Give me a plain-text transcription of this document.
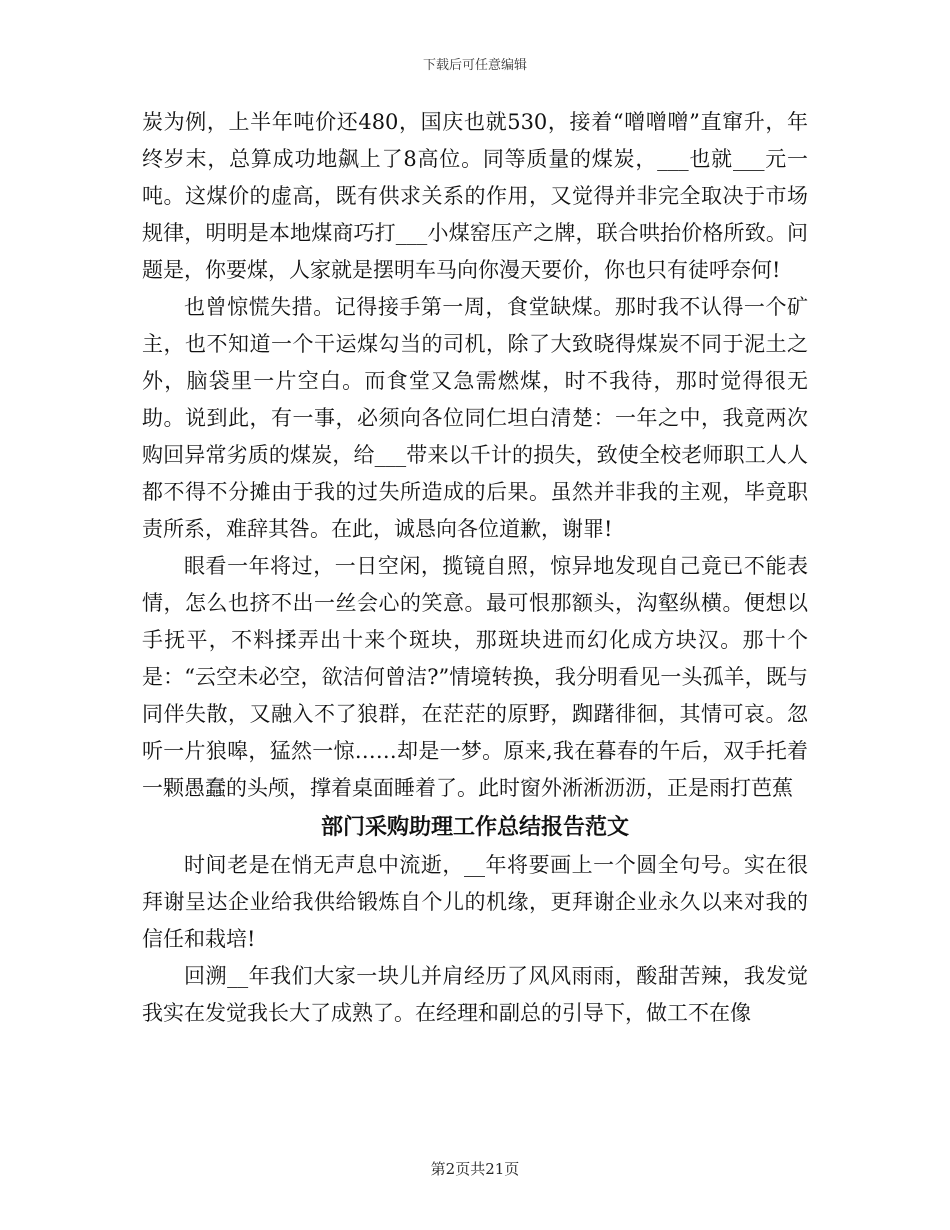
下载后可任意编辑

炭为例，上半年吨价还480，国庆也就530，接着“噌噌噌”直窜升，年终岁末，总算成功地飙上了8高位。同等质量的煤炭，___也就___元一吨。这煤价的虚高，既有供求关系的作用，又觉得并非完全取决于市场规律，明明是本地煤商巧打___小煤窑压产之牌，联合哄抬价格所致。问题是，你要煤，人家就是摆明车马向你漫天要价，你也只有徒呼奈何!

也曾惊慌失措。记得接手第一周，食堂缺煤。那时我不认得一个矿主，也不知道一个干运煤勾当的司机，除了大致晓得煤炭不同于泥土之外，脑袋里一片空白。而食堂又急需燃煤，时不我待，那时觉得很无助。说到此，有一事，必须向各位同仁坦白清楚：一年之中，我竟两次购回异常劣质的煤炭，给___带来以千计的损失，致使全校老师职工人人都不得不分摊由于我的过失所造成的后果。虽然并非我的主观，毕竟职责所系，难辞其咎。在此，诚恳向各位道歉，谢罪!

眼看一年将过，一日空闲，揽镜自照，惊异地发现自己竟已不能表情，怎么也挤不出一丝会心的笑意。最可恨那额头，沟壑纵横。便想以手抚平，不料揉弄出十来个斑块，那斑块进而幻化成方块汉。那十个是：“云空未必空，欲洁何曾洁?”情境转换，我分明看见一头孤羊，既与同伴失散，又融入不了狼群，在茫茫的原野，踟躇徘徊，其情可哀。忽听一片狼嗥，猛然一惊……却是一梦。原来,我在暮春的午后，双手托着一颗愚蠢的头颅，撑着桌面睡着了。此时窗外淅淅沥沥，正是雨打芭蕉

部门采购助理工作总结报告范文

时间老是在悄无声息中流逝，__年将要画上一个圆全句号。实在很拜谢呈达企业给我供给锻炼自个儿的机缘，更拜谢企业永久以来对我的信任和栽培!

回溯__年我们大家一块儿并肩经历了风风雨雨，酸甜苦辣，我发觉我实在发觉我长大了成熟了。在经理和副总的引导下，做工不在像

第2页共21页
